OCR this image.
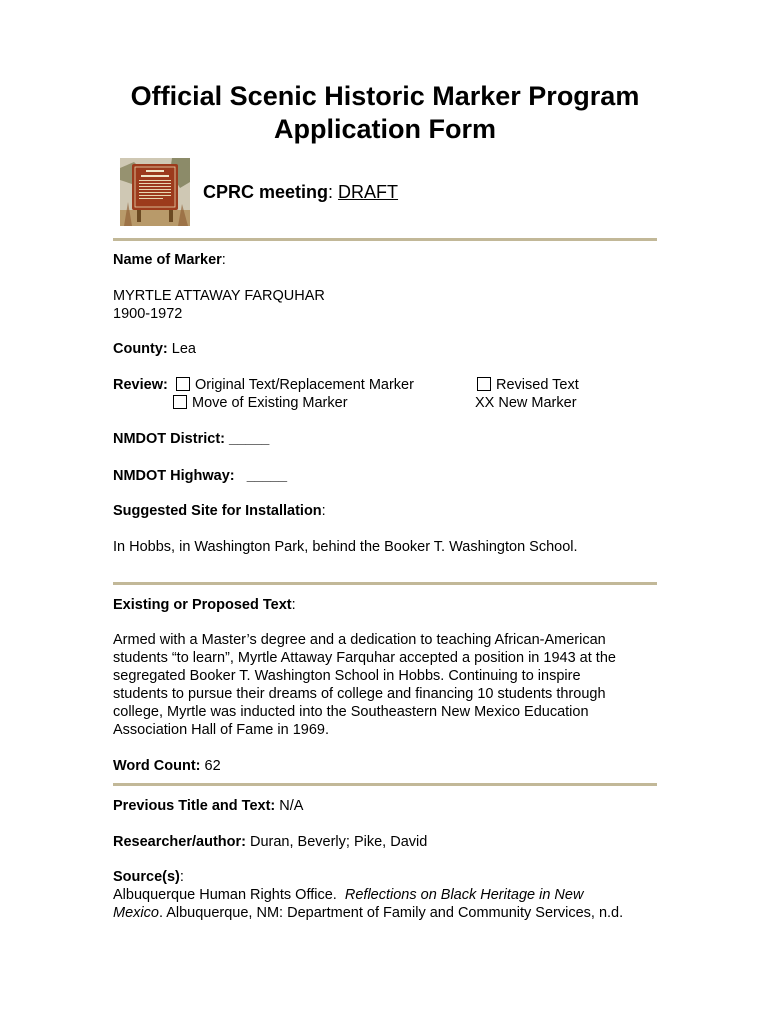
Official Scenic Historic Marker Program
Application Form
CPRC meeting: DRAFT
Name of Marker:
MYRTLE ATTAWAY FARQUHAR
1900-1972
County: Lea
Review:	Original Text/Replacement Marker
Move of Existing Marker
Revised Text
XX New Marker
NMDOT District: _____
NMDOT Highway: _____
Suggested Site for Installation:
In Hobbs, in Washington Park, behind the Booker T. Washington School.
Existing or Proposed Text:
Armed with a Master’s degree and a dedication to teaching African-American
students “to learn”, Myrtle Attaway Farquhar accepted a position in 1943 at the
segregated Booker T. Washington School in Hobbs. Continuing to inspire
students to pursue their dreams of college and financing 10 students through
college, Myrtle was inducted into the Southeastern New Mexico Education
Association Hall of Fame in 1969.
Word Count: 62
Previous Title and Text: N/A
Researcher/author: Duran, Beverly; Pike, David
Source(s):
Albuquerque Human Rights Office. Reflections on Black Heritage in New
Mexico. Albuquerque, NM: Department of Family and Community Services, n.d.
